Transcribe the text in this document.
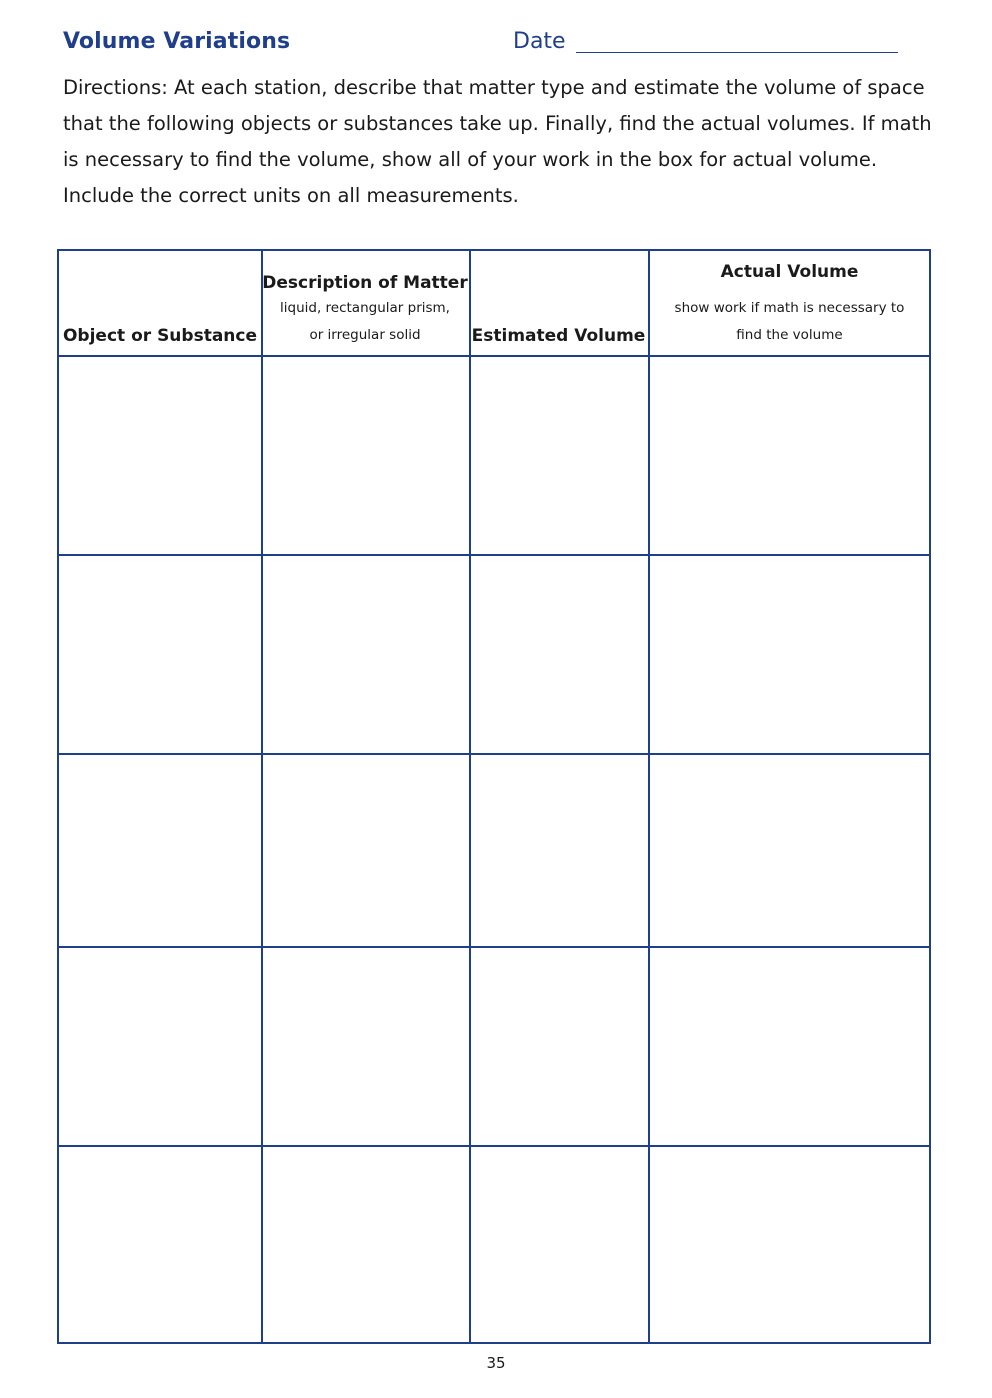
Volume Variations	Date
Directions: At each station, describe that matter type and estimate the volume of space that the following objects or substances take up. Finally, find the actual volumes. If math is necessary to find the volume, show all of your work in the box for actual volume. Include the correct units on all measurements.
Object or Substance
Description of Matter
liquid, rectangular prism,
or irregular solid	Estimated Volume
Actual Volume
show work if math is necessary to
find the volume
35
